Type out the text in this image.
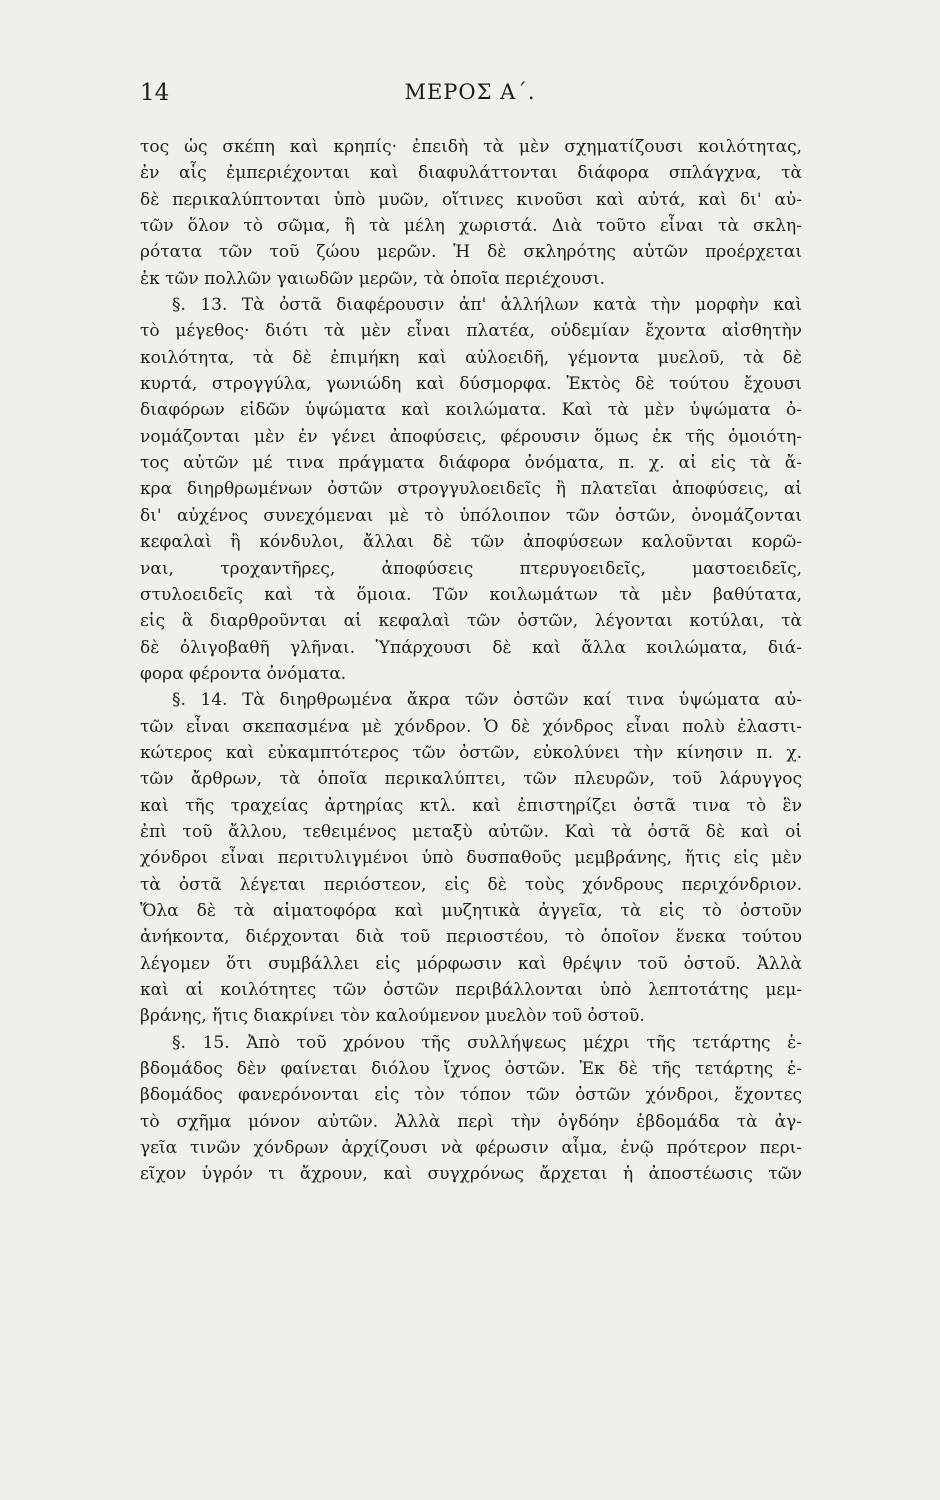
14	ΜΕΡΟΣ Α΄.
τος ὡς σκέπη καὶ κρηπίς· ἐπειδὴ τὰ μὲν σχηματίζουσι κοιλότητας,
ἐν αἷς ἐμπεριέχονται καὶ διαφυλάττονται διάφορα σπλάγχνα, τὰ
δὲ περικαλύπτονται ὑπὸ μυῶν, οἵτινες κινοῦσι καὶ αὐτά, καὶ δι' αὐ-
τῶν ὅλον τὸ σῶμα, ἢ τὰ μέλη χωριστά. Διὰ τοῦτο εἶναι τὰ σκλη-
ρότατα τῶν τοῦ ζώου μερῶν. Ἡ δὲ σκληρότης αὐτῶν προέρχεται
ἐκ τῶν πολλῶν γαιωδῶν μερῶν, τὰ ὁποῖα περιέχουσι.
§. 13. Τὰ ὀστᾶ διαφέρουσιν ἀπ' ἀλλήλων κατὰ τὴν μορφὴν καὶ
τὸ μέγεθος· διότι τὰ μὲν εἶναι πλατέα, οὐδεμίαν ἔχοντα αἰσθητὴν
κοιλότητα, τὰ δὲ ἐπιμήκη καὶ αὐλοειδῆ, γέμοντα μυελοῦ, τὰ δὲ
κυρτά, στρογγύλα, γωνιώδη καὶ δύσμορφα. Ἐκτὸς δὲ τούτου ἔχουσι
διαφόρων εἰδῶν ὑψώματα καὶ κοιλώματα. Καὶ τὰ μὲν ὑψώματα ὀ-
νομάζονται μὲν ἐν γένει ἀποφύσεις, φέρουσιν ὅμως ἐκ τῆς ὁμοιότη-
τος αὐτῶν μέ τινα πράγματα διάφορα ὀνόματα, π. χ. αἱ εἰς τὰ ἄ-
κρα διηρθρωμένων ὀστῶν στρογγυλοειδεῖς ἢ πλατεῖαι ἀποφύσεις, αἱ
δι' αὐχένος συνεχόμεναι μὲ τὸ ὑπόλοιπον τῶν ὀστῶν, ὀνομάζονται
κεφαλαὶ ἢ κόνδυλοι, ἄλλαι δὲ τῶν ἀποφύσεων καλοῦνται κορῶ-
ναι, τροχαντῆρες, ἀποφύσεις πτερυγοειδεῖς, μαστοειδεῖς,
στυλοειδεῖς καὶ τὰ ὅμοια. Τῶν κοιλωμάτων τὰ μὲν βαθύτατα,
εἰς ἃ διαρθροῦνται αἱ κεφαλαὶ τῶν ὀστῶν, λέγονται κοτύλαι, τὰ
δὲ ὀλιγοβαθῆ γλῆναι. Ὑπάρχουσι δὲ καὶ ἄλλα κοιλώματα, διά-
φορα φέροντα ὀνόματα.
§. 14. Τὰ διηρθρωμένα ἄκρα τῶν ὀστῶν καί τινα ὑψώματα αὐ-
τῶν εἶναι σκεπασμένα μὲ χόνδρον. Ὁ δὲ χόνδρος εἶναι πολὺ ἐλαστι-
κώτερος καὶ εὐκαμπτότερος τῶν ὀστῶν, εὐκολύνει τὴν κίνησιν π. χ.
τῶν ἄρθρων, τὰ ὁποῖα περικαλύπτει, τῶν πλευρῶν, τοῦ λάρυγγος
καὶ τῆς τραχείας ἀρτηρίας κτλ. καὶ ἐπιστηρίζει ὀστᾶ τινα τὸ ἓν
ἐπὶ τοῦ ἄλλου, τεθειμένος μεταξὺ αὐτῶν. Καὶ τὰ ὀστᾶ δὲ καὶ οἱ
χόνδροι εἶναι περιτυλιγμένοι ὑπὸ δυσπαθοῦς μεμβράνης, ἥτις εἰς μὲν
τὰ ὀστᾶ λέγεται περιόστεον, εἰς δὲ τοὺς χόνδρους περιχόνδριον.
Ὅλα δὲ τὰ αἱματοφόρα καὶ μυζητικὰ ἀγγεῖα, τὰ εἰς τὸ ὀστοῦν
ἀνήκοντα, διέρχονται διὰ τοῦ περιοστέου, τὸ ὁποῖον ἕνεκα τούτου
λέγομεν ὅτι συμβάλλει εἰς μόρφωσιν καὶ θρέψιν τοῦ ὀστοῦ. Ἀλλὰ
καὶ αἱ κοιλότητες τῶν ὀστῶν περιβάλλονται ὑπὸ λεπτοτάτης μεμ-
βράνης, ἥτις διακρίνει τὸν καλούμενον μυελὸν τοῦ ὀστοῦ.
§. 15. Ἀπὸ τοῦ χρόνου τῆς συλλήψεως μέχρι τῆς τετάρτης ἑ-
βδομάδος δὲν φαίνεται διόλου ἴχνος ὀστῶν. Ἐκ δὲ τῆς τετάρτης ἑ-
βδομάδος φανερόνονται εἰς τὸν τόπον τῶν ὀστῶν χόνδροι, ἔχοντες
τὸ σχῆμα μόνον αὐτῶν. Ἀλλὰ περὶ τὴν ὀγδόην ἑβδομάδα τὰ ἀγ-
γεῖα τινῶν χόνδρων ἀρχίζουσι νὰ φέρωσιν αἷμα, ἐνῷ πρότερον περι-
εῖχον ὑγρόν τι ἄχρουν, καὶ συγχρόνως ἄρχεται ἡ ἀποστέωσις τῶν
